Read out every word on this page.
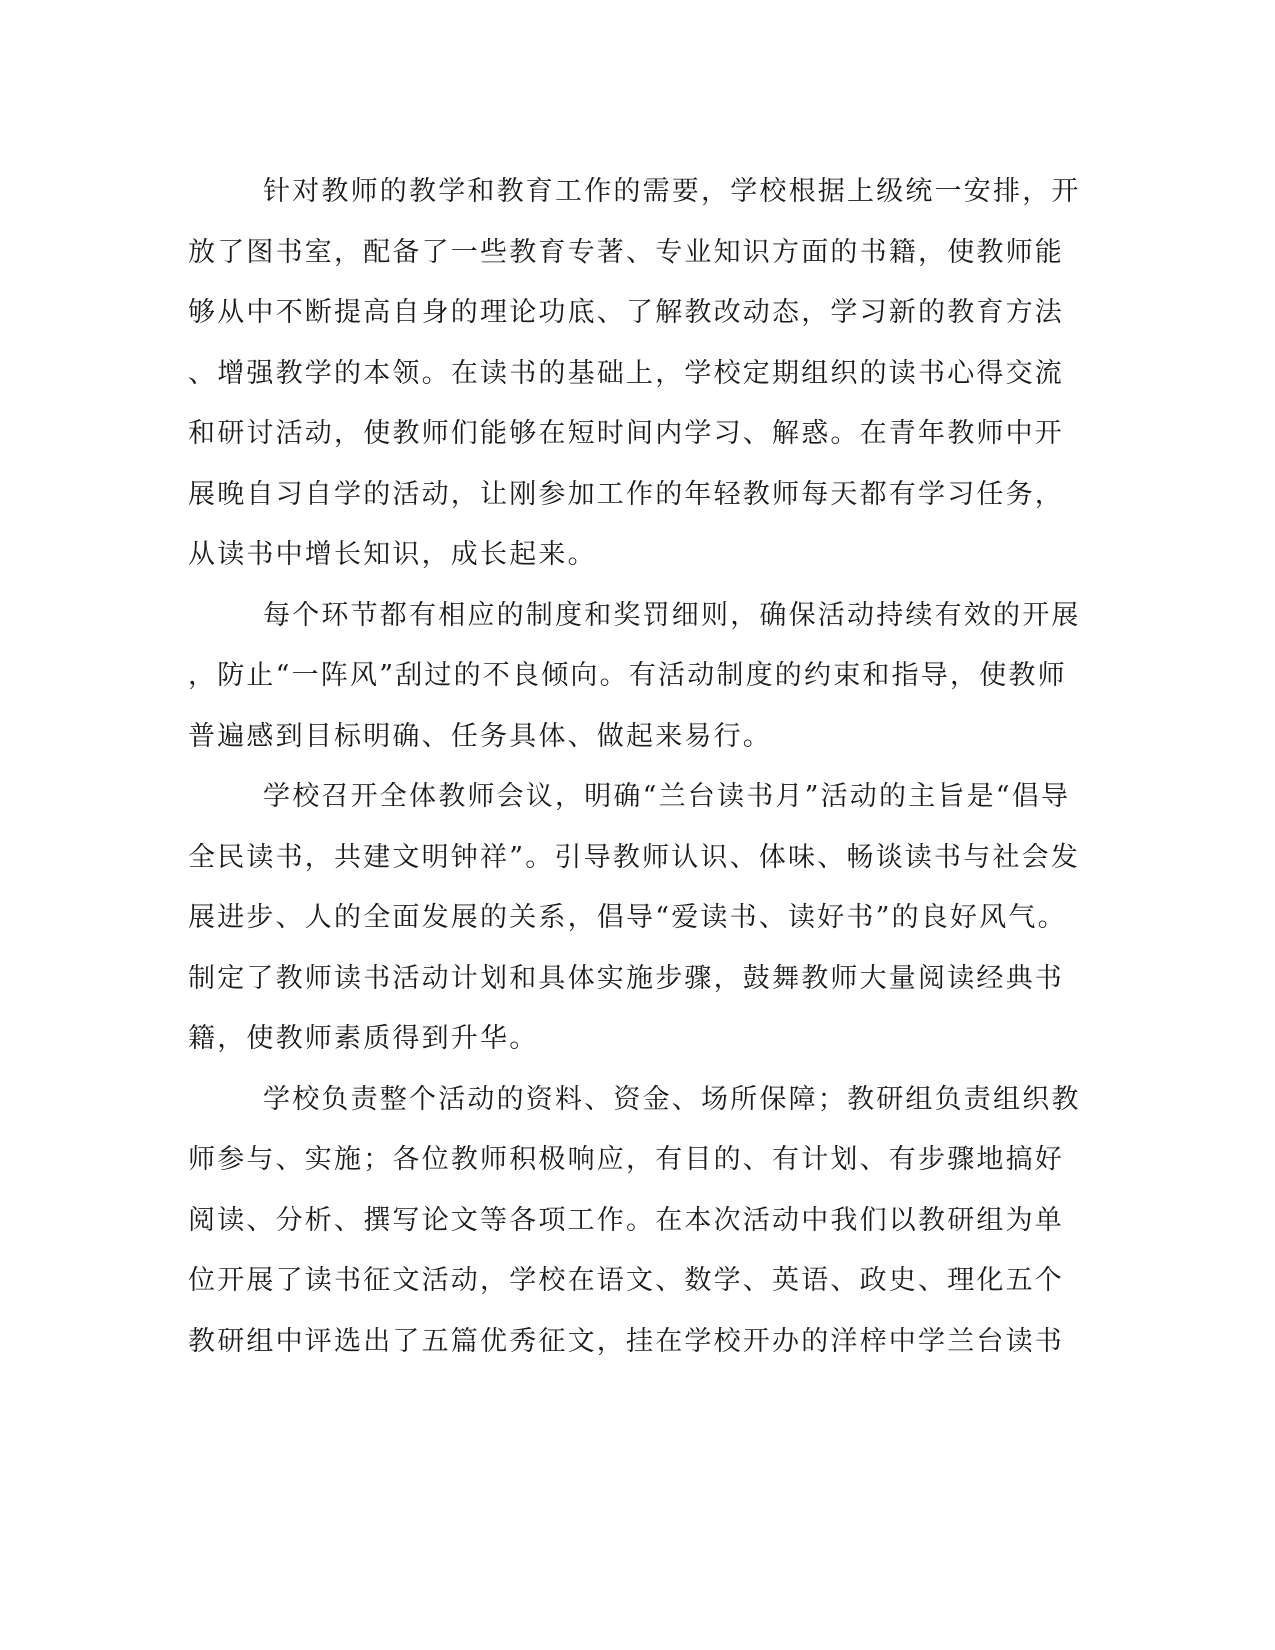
针对教师的教学和教育工作的需要，学校根据上级统一安排，开
放了图书室，配备了一些教育专著、专业知识方面的书籍，使教师能
够从中不断提高自身的理论功底、了解教改动态，学习新的教育方法
、增强教学的本领。在读书的基础上，学校定期组织的读书心得交流
和研讨活动，使教师们能够在短时间内学习、解惑。在青年教师中开
展晚自习自学的活动，让刚参加工作的年轻教师每天都有学习任务，
从读书中增长知识，成长起来。
每个环节都有相应的制度和奖罚细则，确保活动持续有效的开展
，防止“一阵风”刮过的不良倾向。有活动制度的约束和指导，使教师
普遍感到目标明确、任务具体、做起来易行。
学校召开全体教师会议，明确“兰台读书月”活动的主旨是“倡导
全民读书，共建文明钟祥”。引导教师认识、体味、畅谈读书与社会发
展进步、人的全面发展的关系，倡导“爱读书、读好书”的良好风气。
制定了教师读书活动计划和具体实施步骤，鼓舞教师大量阅读经典书
籍，使教师素质得到升华。
学校负责整个活动的资料、资金、场所保障；教研组负责组织教
师参与、实施；各位教师积极响应，有目的、有计划、有步骤地搞好
阅读、分析、撰写论文等各项工作。在本次活动中我们以教研组为单
位开展了读书征文活动，学校在语文、数学、英语、政史、理化五个
教研组中评选出了五篇优秀征文，挂在学校开办的洋梓中学兰台读书
